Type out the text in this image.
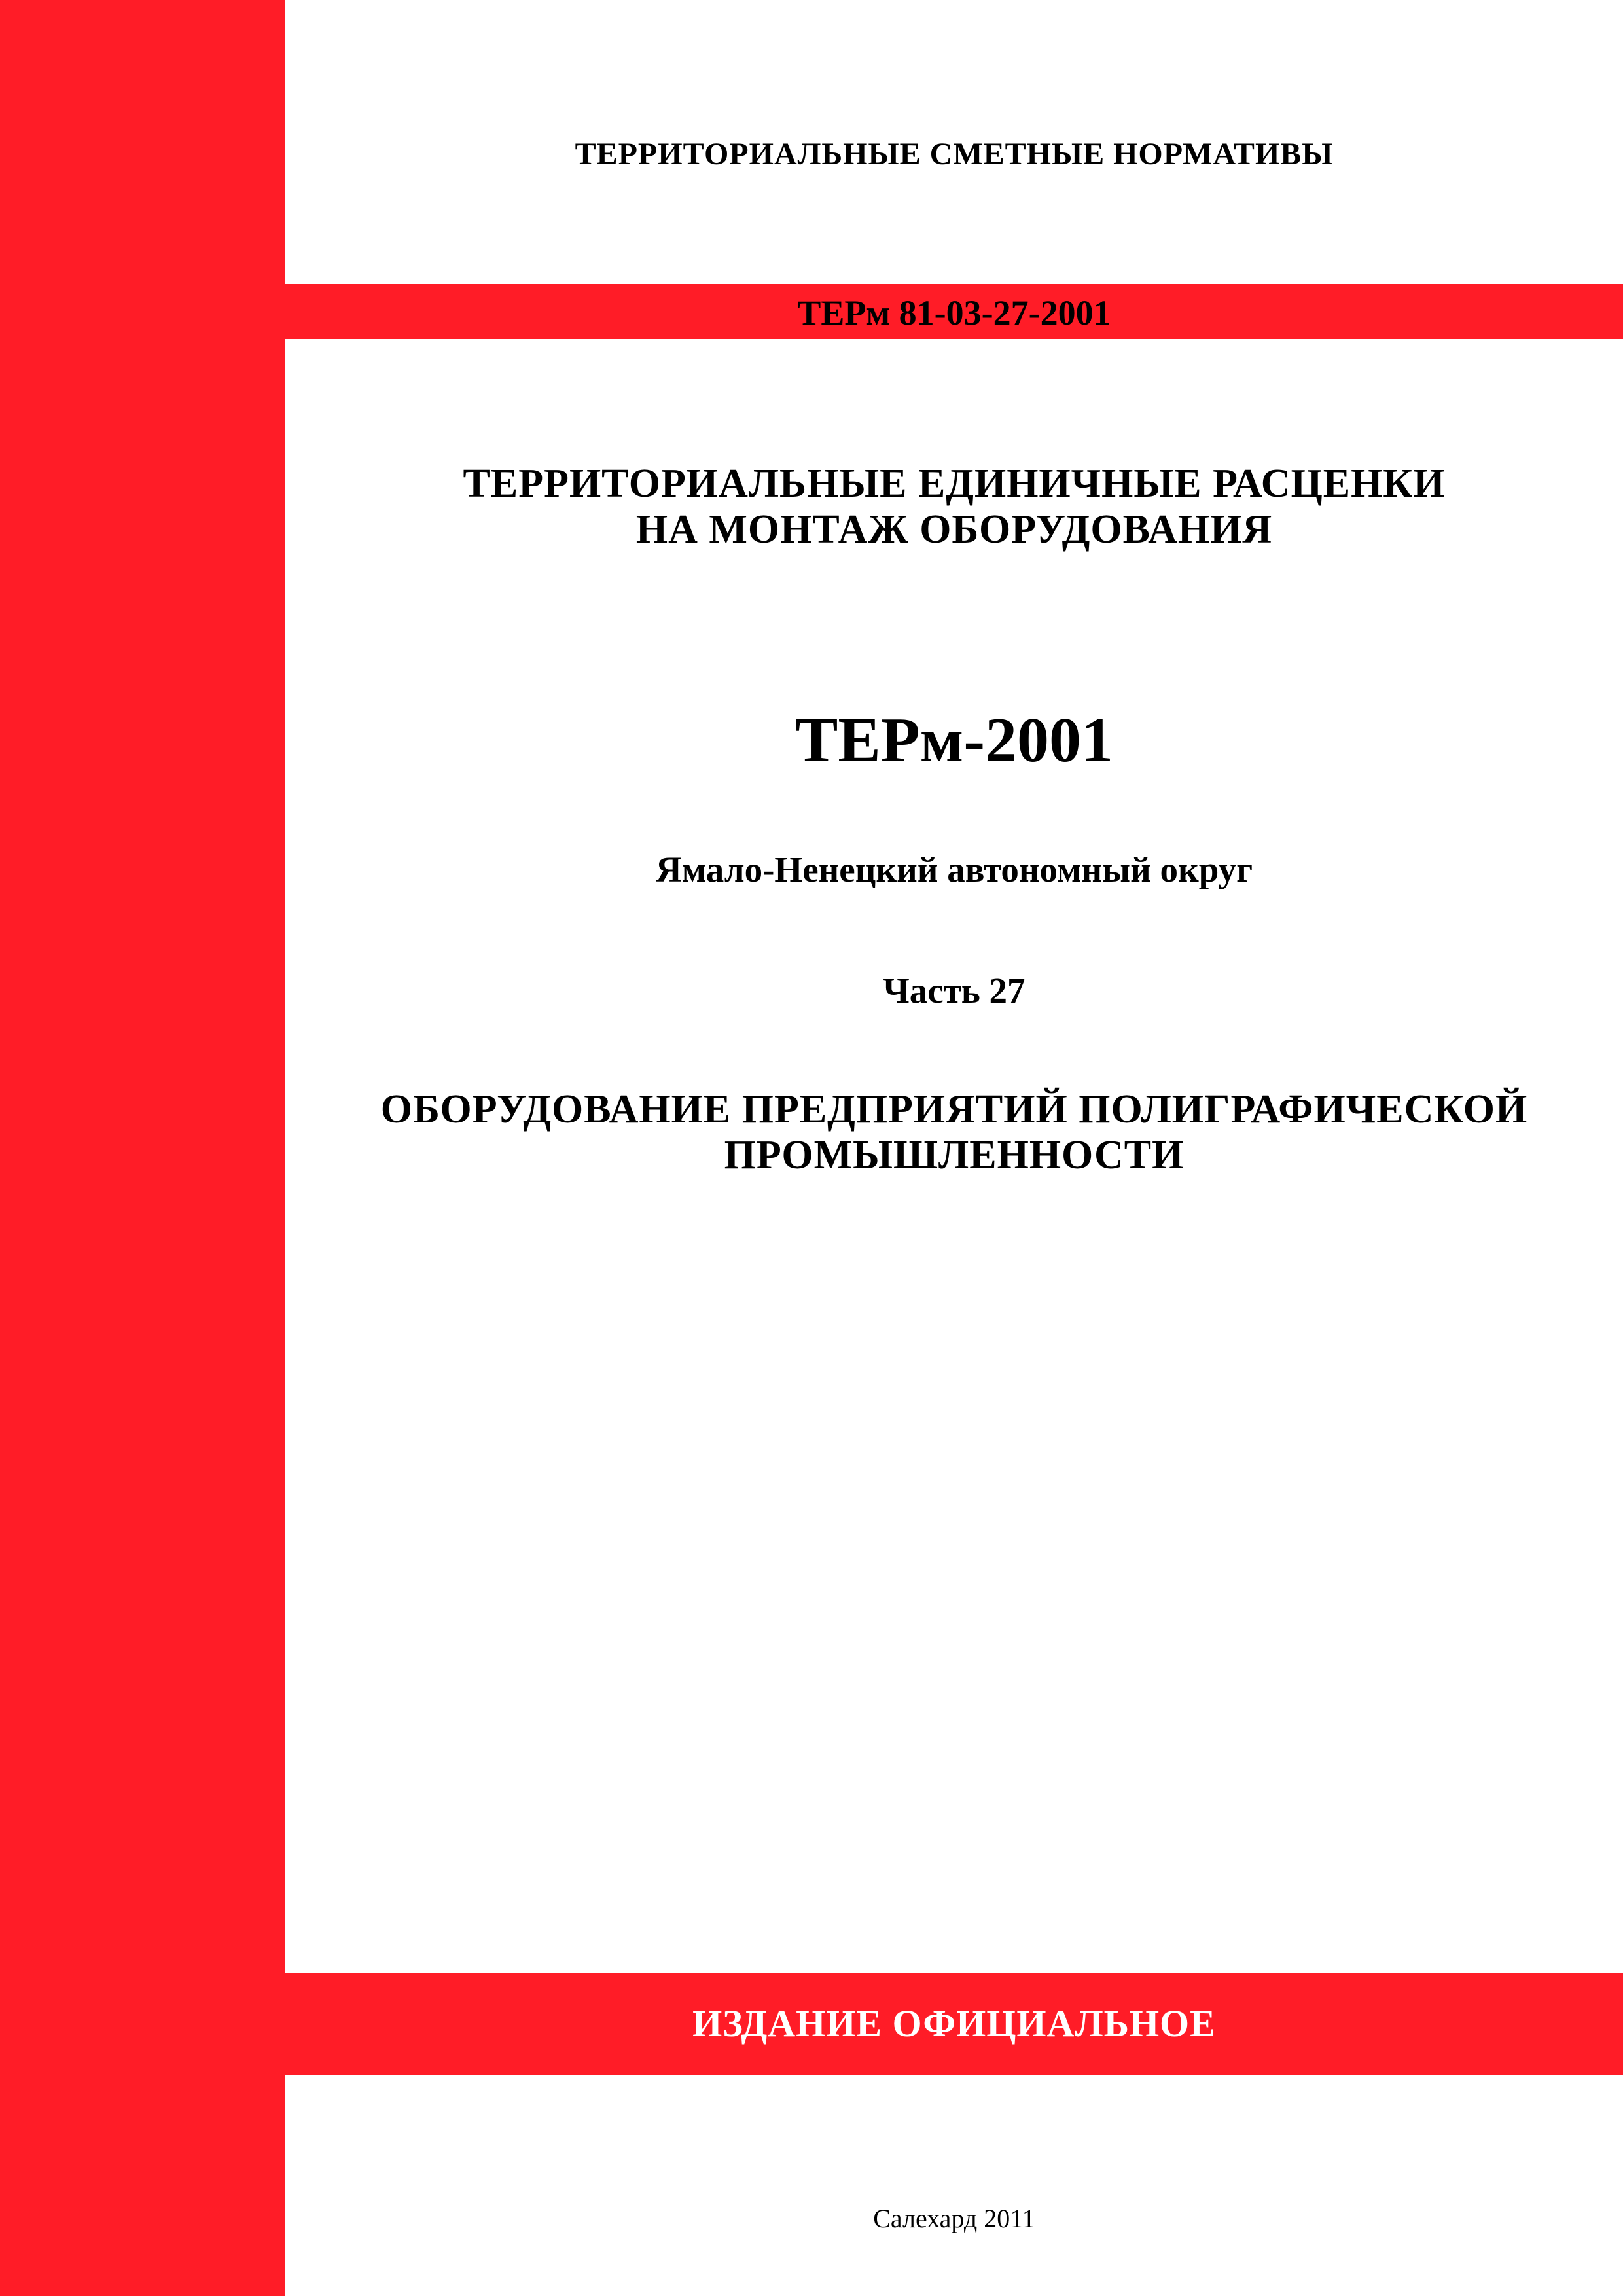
ТЕРРИТОРИАЛЬНЫЕ СМЕТНЫЕ НОРМАТИВЫ
ТЕРм 81-03-27-2001
ТЕРРИТОРИАЛЬНЫЕ ЕДИНИЧНЫЕ РАСЦЕНКИ
НА МОНТАЖ ОБОРУДОВАНИЯ
ТЕРм-2001
Ямало-Ненецкий автономный округ
Часть 27
ОБОРУДОВАНИЕ ПРЕДПРИЯТИЙ ПОЛИГРАФИЧЕСКОЙ
ПРОМЫШЛЕННОСТИ
ИЗДАНИЕ ОФИЦИАЛЬНОЕ
Салехард 2011
